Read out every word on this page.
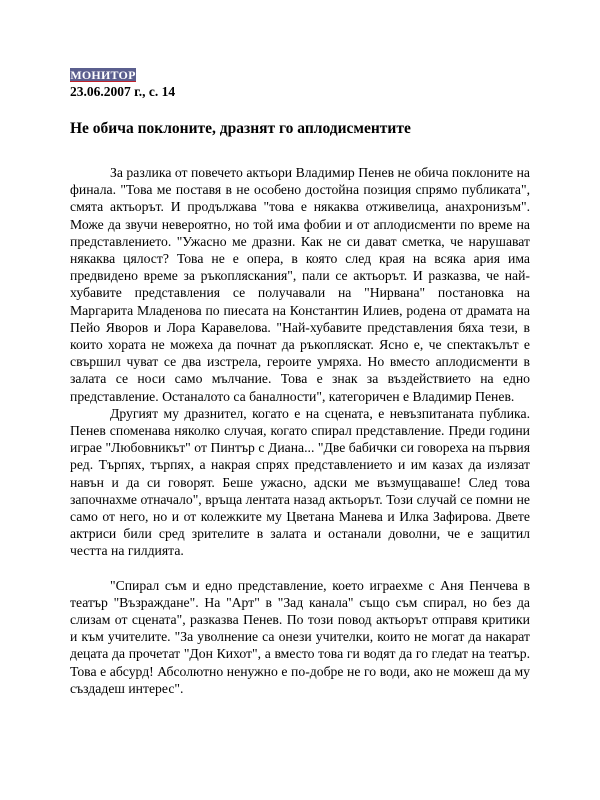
МОНИТОР
23.06.2007 г., с. 14
Не обича поклоните, дразнят го аплодисментите

За разлика от повечето актьори Владимир Пенев не обича поклоните на финала. "Това ме поставя в не особено достойна позиция спрямо публиката", смята актьорът. И продължава "това е някаква отживелица, анахронизъм". Може да звучи невероятно, но той има фобии и от аплодисменти по време на представлението. "Ужасно ме дразни. Как не си дават сметка, че нарушават някаква цялост? Това не е опера, в която след края на всяка ария има предвидено време за ръкопляскания", пали се актьорът. И разказва, че най-хубавите представления се получавали на "Нирвана" постановка на Маргарита Младенова по пиесата на Константин Илиев, родена от драмата на Пейо Яворов и Лора Каравелова. "Най-хубавите представления бяха тези, в които хората не можеха да почнат да ръкопляскат. Ясно е, че спектакълът е свършил чуват се два изстрела, героите умряха. Но вместо аплодисменти в залата се носи само мълчание. Това е знак за въздействието на едно представление. Останалото са баналности", категоричен е Владимир Пенев.

Другият му дразнител, когато е на сцената, е невъзпитаната публика. Пенев споменава няколко случая, когато спирал представление. Преди години играе "Любовникът" от Пинтър с Диана... "Две бабички си говореха на първия ред. Търпях, търпях, а накрая спрях представлението и им казах да излязат навън и да си говорят. Беше ужасно, адски ме възмущаваше! След това започнахме отначало", връща лентата назад актьорът. Този случай се помни не само от него, но и от колежките му Цветана Манева и Илка Зафирова. Двете актриси били сред зрителите в залата и останали доволни, че е защитил честта на гилдията.

"Спирал съм и едно представление, което играехме с Аня Пенчева в театър "Възраждане". На "Арт" в "Зад канала" също съм спирал, но без да слизам от сцената", разказва Пенев. По този повод актьорът отправя критики и към учителите. "За уволнение са онези учителки, които не могат да накарат децата да прочетат "Дон Кихот", а вместо това ги водят да го гледат на театър. Това е абсурд! Абсолютно ненужно е по-добре не го води, ако не можеш да му създадеш интерес".
